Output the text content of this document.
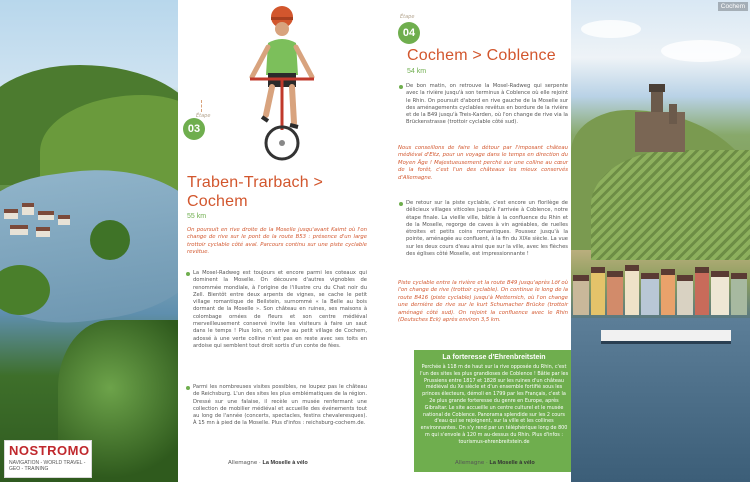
NOSTROMO
NAVIGATION - WORLD TRAVEL - GEO - TRAINING
Étape
03
Traben-Trarbach >
Cochem
55 km
On poursuit en rive droite de la Moselle jusqu'avant Kaimt où l'on change de rive sur le pont de la route B53 : présence d'un large trottoir cyclable côté aval. Parcours continu sur une piste cyclable revêtue.
La Mosel-Radweg est toujours et encore parmi les coteaux qui dominent la Moselle. On découvre d'autres vignobles de renommée mondiale, à l'origine de l'illustre cru du Chat noir du Zell. Bientôt entre deux arpents de vignes, se cache le petit village romantique de Beilstein, surnommé « la Belle au bois dormant de la Moselle ». Son château en ruines, ses maisons à colombage ornées de fleurs et son centre médiéval merveilleusement conservé invite les visiteurs à faire un saut dans le temps ! Plus loin, on arrive au petit village de Cochem, adossé à une verte colline n'est pas en reste avec ses toits en ardoise qui semblent tout droit sortis d'un conte de fées.
Parmi les nombreuses visites possibles, ne loupez pas le château de Reichsburg. L'un des sites les plus emblématiques de la région. Dressé sur une falaise, il recèle un musée renfermant une collection de mobilier médiéval et accueille des événements tout au long de l'année (concerts, spectacles, festins chevaleresques). À 15 mn à pied de la Moselle. Plus d'infos : reichsburg-cochem.de.
Allemagne · La Moselle à vélo
Étape
04
Cochem > Coblence
54 km
De bon matin, on retrouve la Mosel-Radweg qui serpente avec la rivière jusqu'à son terminus à Coblence où elle rejoint le Rhin. On poursuit d'abord en rive gauche de la Moselle sur des aménagements cyclables revêtus en bordure de la rivière et de la B49 jusqu'à Treis-Karden, où l'on change de rive via la Brückenstrasse (trottoir cyclable côté sud).
Nous conseillons de faire le détour par l'imposant château médiéval d'Eltz, pour un voyage dans le temps en direction du Moyen Âge ! Majestueusement perché sur une colline au cœur de la forêt, c'est l'un des châteaux les mieux conservés d'Allemagne.
De retour sur la piste cyclable, c'est encore un florilège de délicieux villages viticoles jusqu'à l'arrivée à Coblence, notre étape finale. La vieille ville, bâtie à la confluence du Rhin et de la Moselle, regorge de caves à vin agréables, de ruelles étroites et petits coins romantiques. Poussez jusqu'à la pointe, aménagée au confluent, à la fin du XIXe siècle. La vue sur les deux cours d'eau ainsi que sur la ville, avec les flèches des églises côté Moselle, est impressionnante !
Piste cyclable entre la rivière et la route B49 jusqu'après Löf où l'on change de rive (trottoir cyclable). On continue le long de la route B416 (piste cyclable) jusqu'à Metternich, où l'on change une dernière de rive sur le kurt Schumacher Brücke (trottoir aménagé côté sud). On rejoint la confluence avec le Rhin (Deutsches Eck) après environ 3,5 km.
La forteresse d'Ehrenbreitstein
Perchée à 118 m de haut sur la rive opposée du Rhin, c'est l'un des sites les plus grandioses de Coblence ! Bâtie par les Prussiens entre 1817 et 1828 sur les ruines d'un château médiéval du Xe siècle et d'un ensemble fortifié sous les princes électeurs, démoli en 1799 par les Français, c'est la 2e plus grande forteresse du genre en Europe, après Gibraltar. Le site accueille un centre culturel et le musée national de Coblence. Panorama splendide sur les 2 cours d'eau qui se rejoignent, sur la ville et les collines environnantes. On s'y rend par un téléphérique long de 800 m qui s'envole à 120 m au-dessus du Rhin. Plus d'infos : tourismus-ehrenbreitstein.de
Allemagne · La Moselle à vélo
Cochem
